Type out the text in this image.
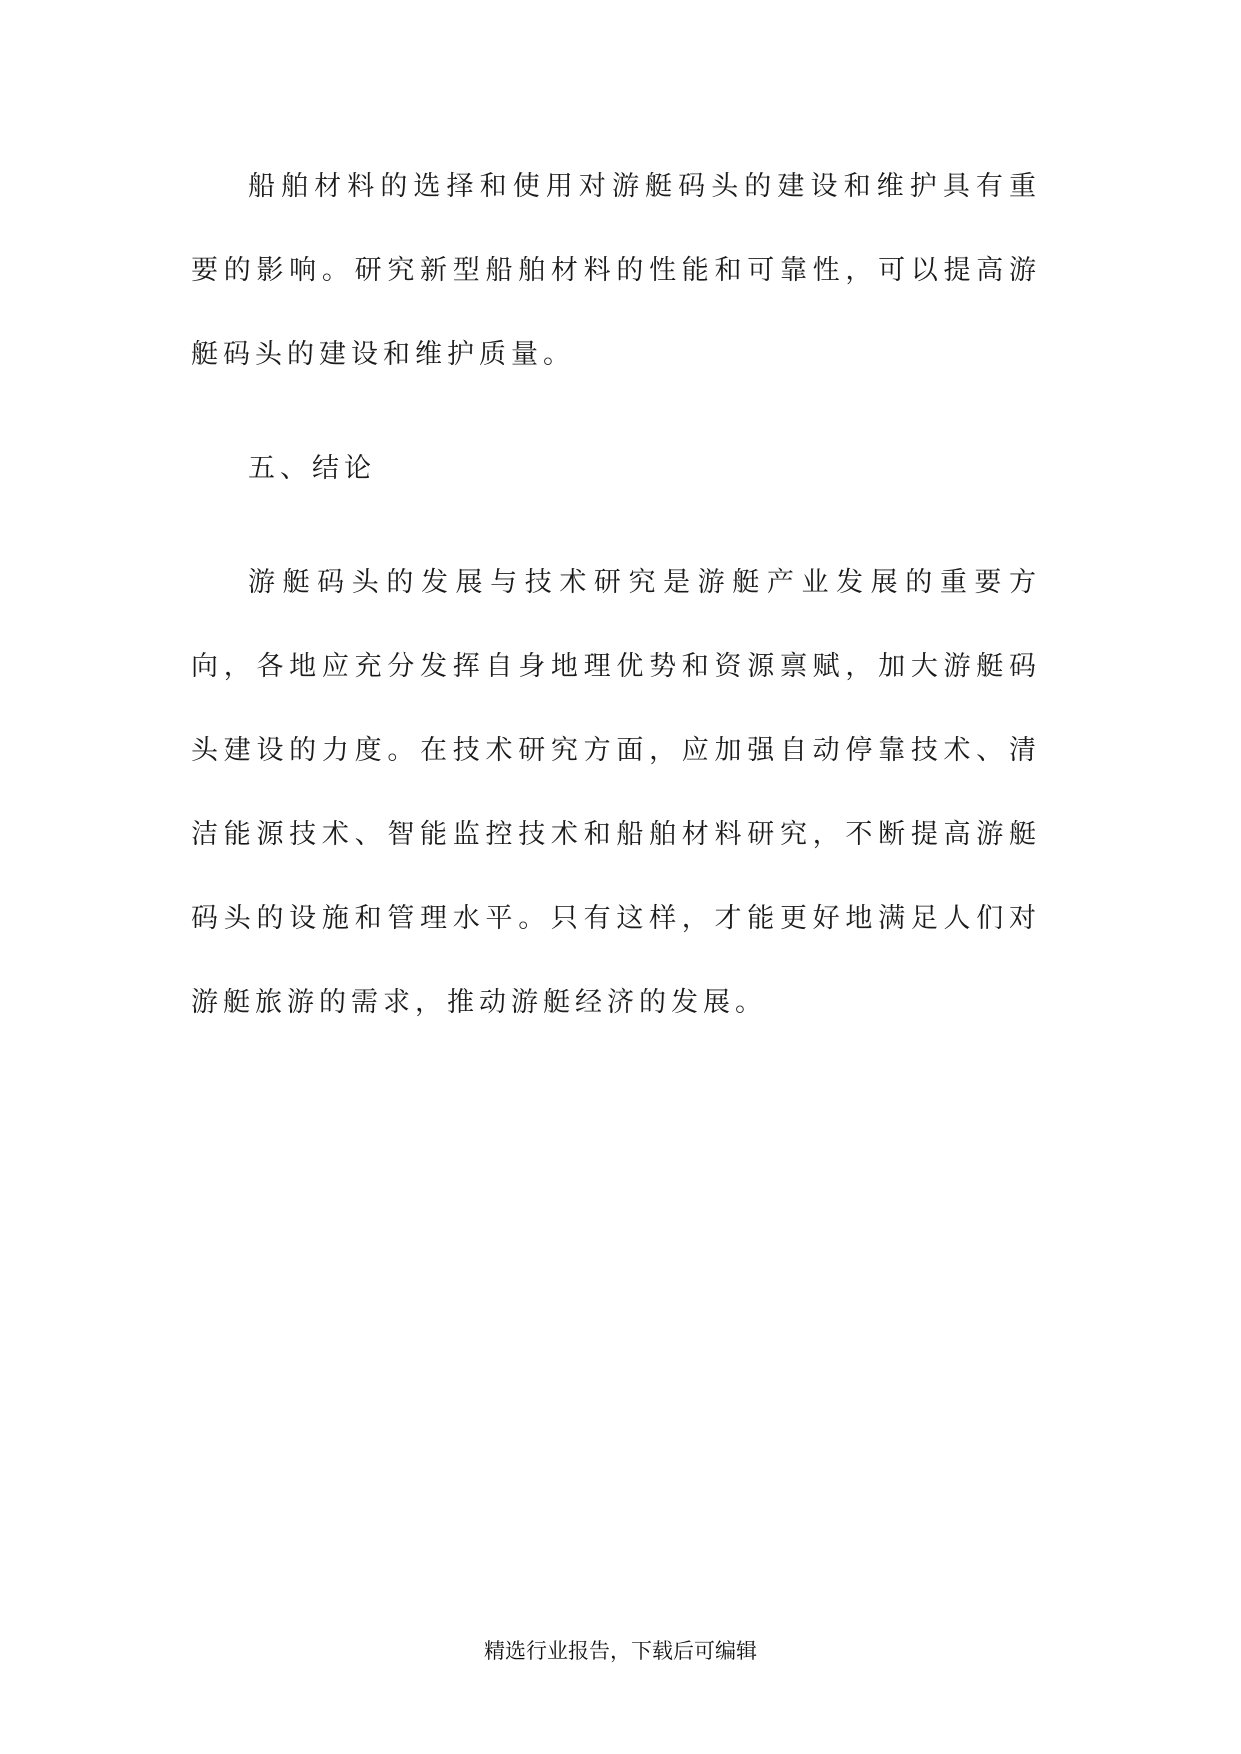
船舶材料的选择和使用对游艇码头的建设和维护具有重要的影响。研究新型船舶材料的性能和可靠性，可以提高游艇码头的建设和维护质量。

五、结论

游艇码头的发展与技术研究是游艇产业发展的重要方向，各地应充分发挥自身地理优势和资源禀赋，加大游艇码头建设的力度。在技术研究方面，应加强自动停靠技术、清洁能源技术、智能监控技术和船舶材料研究，不断提高游艇码头的设施和管理水平。只有这样，才能更好地满足人们对游艇旅游的需求，推动游艇经济的发展。

精选行业报告，下载后可编辑
